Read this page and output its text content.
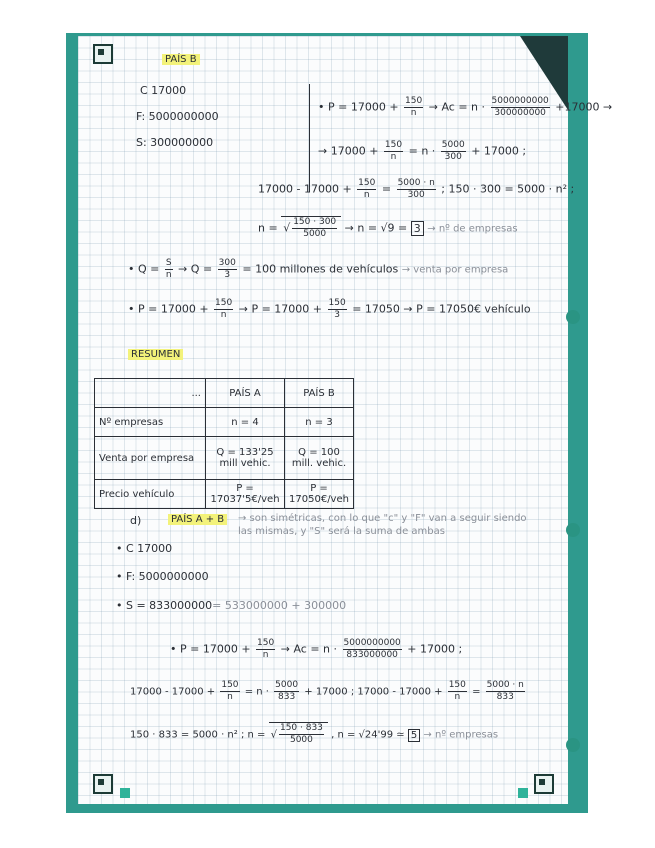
PAÍS B
C 17000
F: 5000000000
S: 300000000
• $P = 17000 + \frac{150}{n} \to Ac = n \cdot \frac{5000000000}{300000000} +17000$ →
→ $17000 + \frac{150}{n} = n \cdot \frac{5000}{300} + 17000$ ;
$17000 - 17000 + \frac{150}{n} = \frac{5000 \cdot n}{300}$ ; 150 · 300 = 5000 · n² ;
n = √ $\frac{150 \cdot 300}{5000} \to n = √9 = 3$ → nº de empresas
• $Q = \frac{S}{n} \to Q = \frac{300}{3} = 100$ millones de vehículos → venta por empresa
• $P = 17000 + \frac{150}{n} \to P = 17000 + \frac{150}{3} = 17050 \to P$ = 17050€ vehículo
RESUMEN
...	PAÍS A	PAÍS B
Nº empresas	n = 4	n = 3
Venta por empresa	Q = 133'25 mill vehic.	Q = 100 mill. vehic.
Precio vehículo	P = 17037'5€/veh	P = 17050€/veh
d)	PAÍS A + B	→ son simétricas, con lo que "c" y "F" van a seguir siendo las mismas, y "S" será la suma de ambas
• C 17000
• F: 5000000000
• S = 833000000= 533000000 + 300000
• $P = 17000 + \frac{150}{n} \to Ac = n \cdot \frac{5000000000}{833000000} + 17000$ ;
$17000 - 17000 + \frac{150}{n} = n \cdot \frac{5000}{833} + 17000$ ; $17000 - 17000 + \frac{150}{n} = \frac{5000 \cdot n}{833}$
150 · 833 = 5000 · n² ; n = √ $\frac{150 \cdot 833}{5000}$ , n = √24'99 ≃ 5 → nº empresas
